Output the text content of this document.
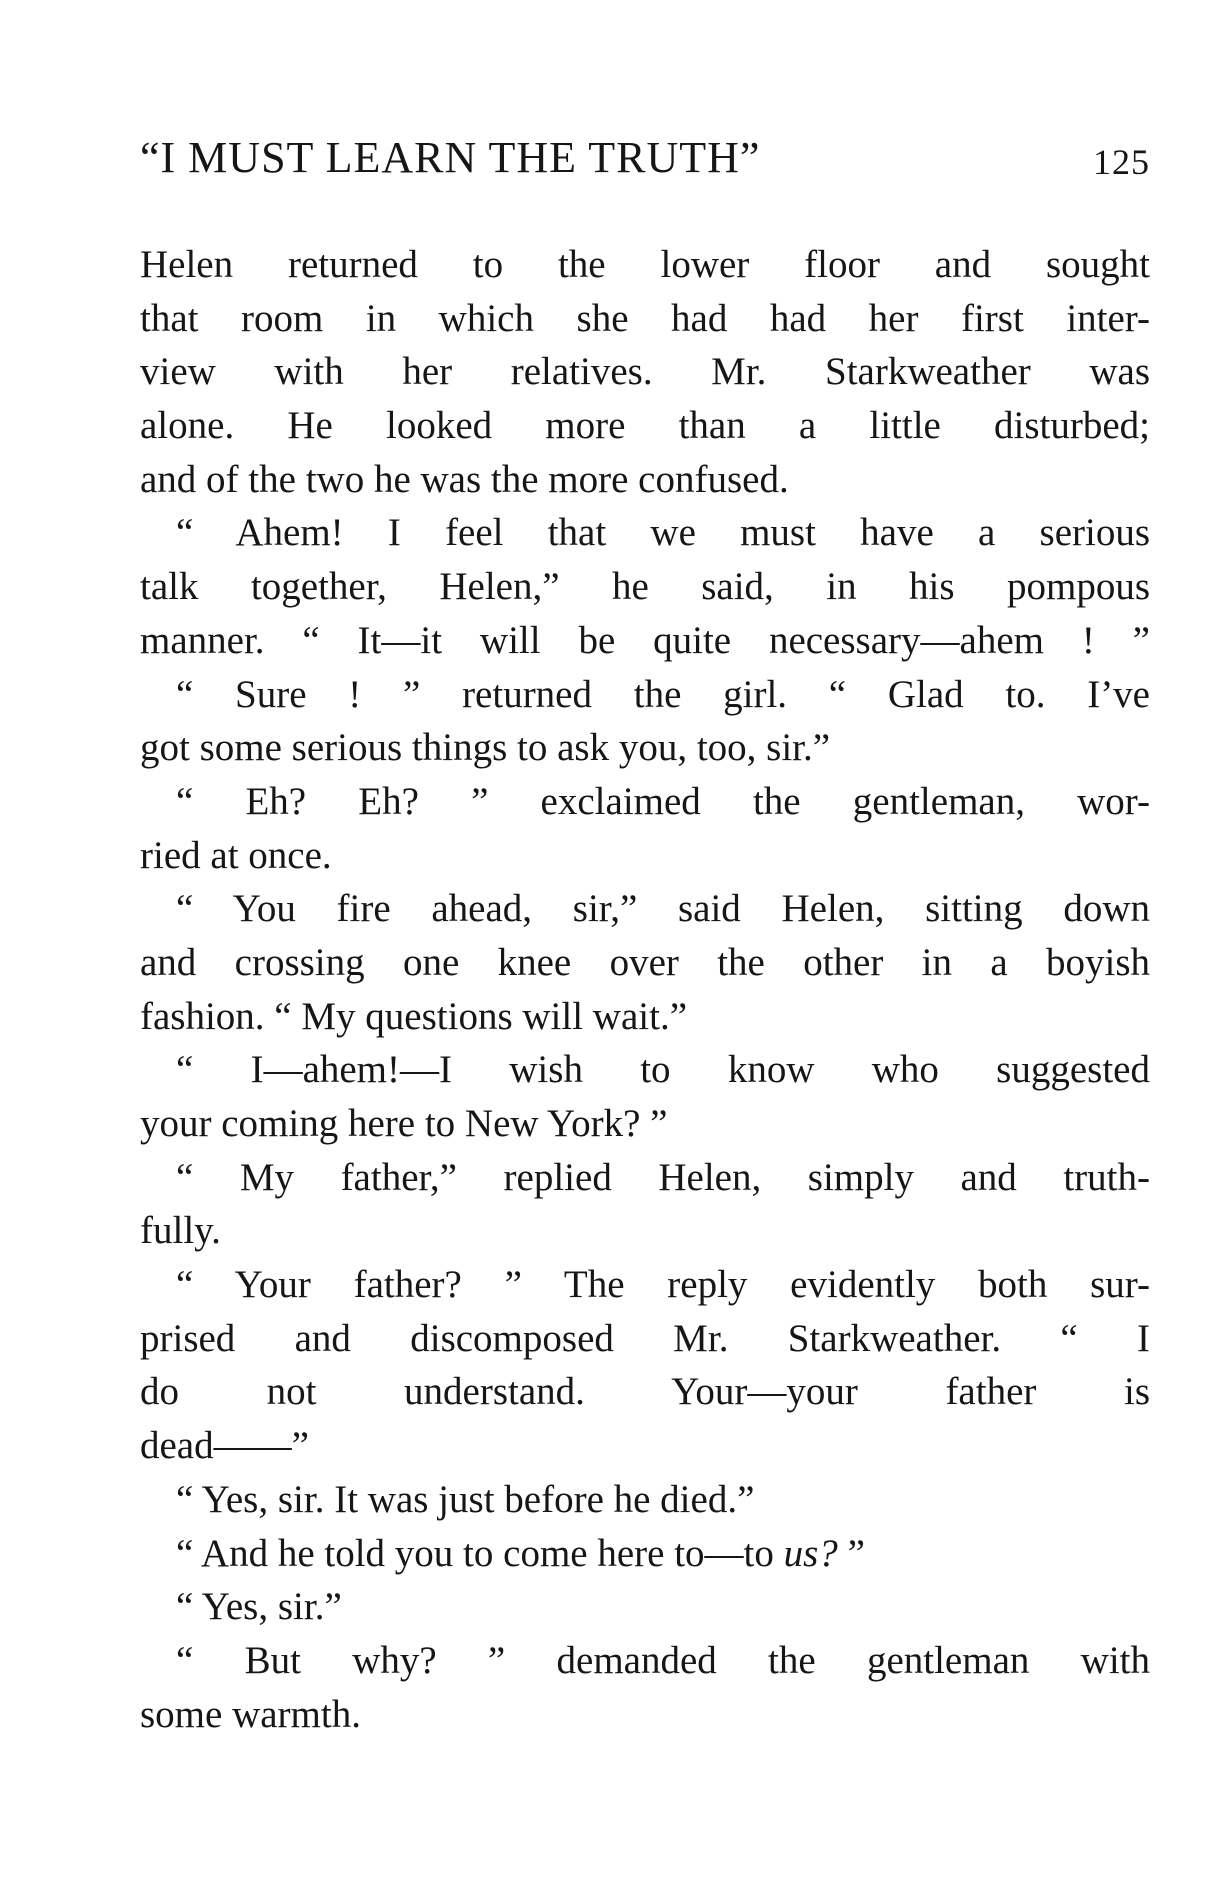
“I MUST LEARN THE TRUTH”	125
Helen returned to the lower floor and sought
that room in which she had had her first inter-
view with her relatives. Mr. Starkweather was
alone. He looked more than a little disturbed;
and of the two he was the more confused.
“ Ahem! I feel that we must have a serious
talk together, Helen,” he said, in his pompous
manner. “ It—it will be quite necessary—ahem ! ”
“ Sure ! ” returned the girl. “ Glad to. I’ve
got some serious things to ask you, too, sir.”
“ Eh? Eh? ” exclaimed the gentleman, wor-
ried at once.
“ You fire ahead, sir,” said Helen, sitting down
and crossing one knee over the other in a boyish
fashion. “ My questions will wait.”
“ I—ahem!—I wish to know who suggested
your coming here to New York? ”
“ My father,” replied Helen, simply and truth-
fully.
“ Your father? ” The reply evidently both sur-
prised and discomposed Mr. Starkweather. “ I
do not understand. Your—your father is
dead——”
“ Yes, sir. It was just before he died.”
“ And he told you to come here to—to us? ”
“ Yes, sir.”
“ But why? ” demanded the gentleman with
some warmth.
